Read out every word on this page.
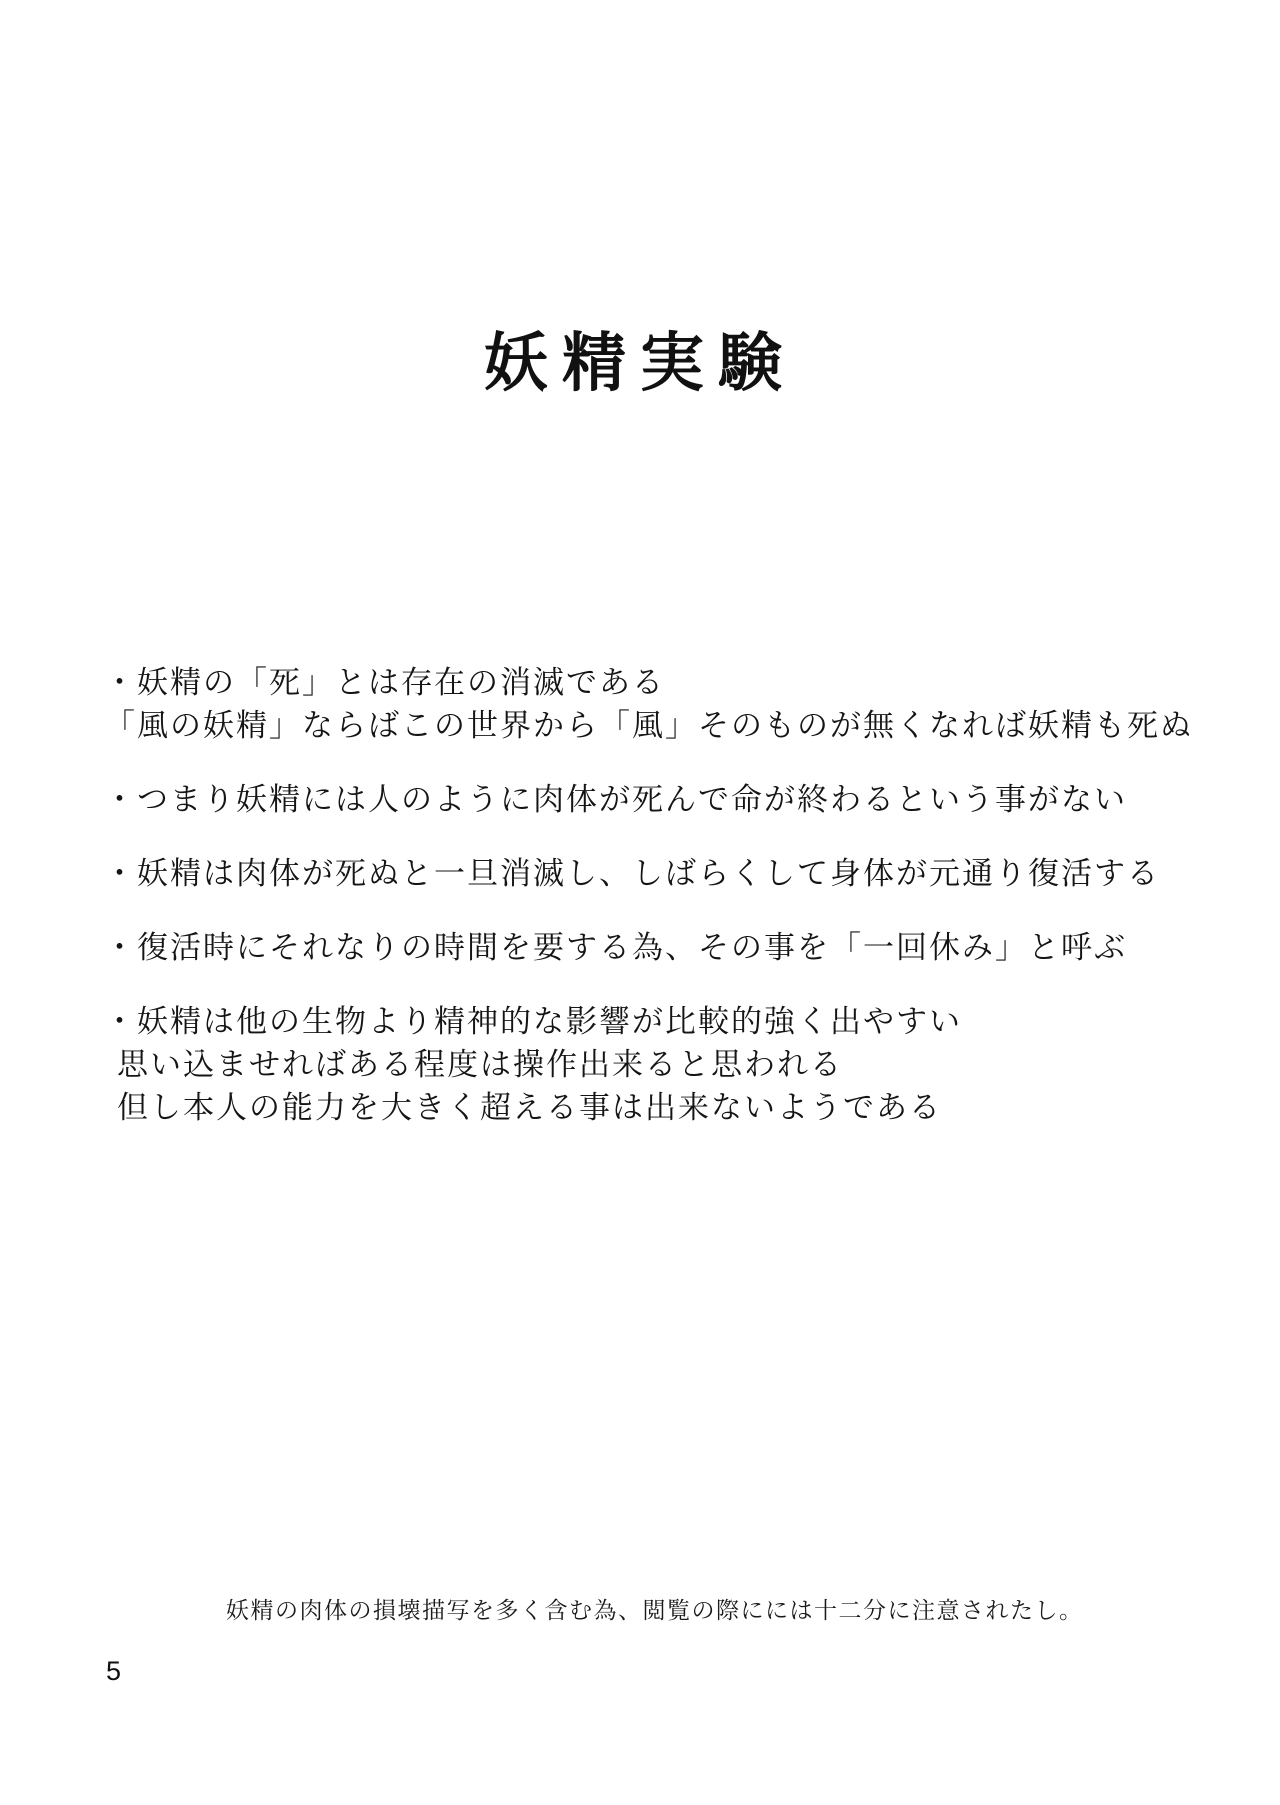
妖精実験

・妖精の「死」とは存在の消滅である
「風の妖精」ならばこの世界から「風」そのものが無くなれば妖精も死ぬ

・つまり妖精には人のように肉体が死んで命が終わるという事がない

・妖精は肉体が死ぬと一旦消滅し、しばらくして身体が元通り復活する

・復活時にそれなりの時間を要する為、その事を「一回休み」と呼ぶ

・妖精は他の生物より精神的な影響が比較的強く出やすい
思い込ませればある程度は操作出来ると思われる
但し本人の能力を大きく超える事は出来ないようである

妖精の肉体の損壊描写を多く含む為、閲覧の際にには十二分に注意されたし。
5
